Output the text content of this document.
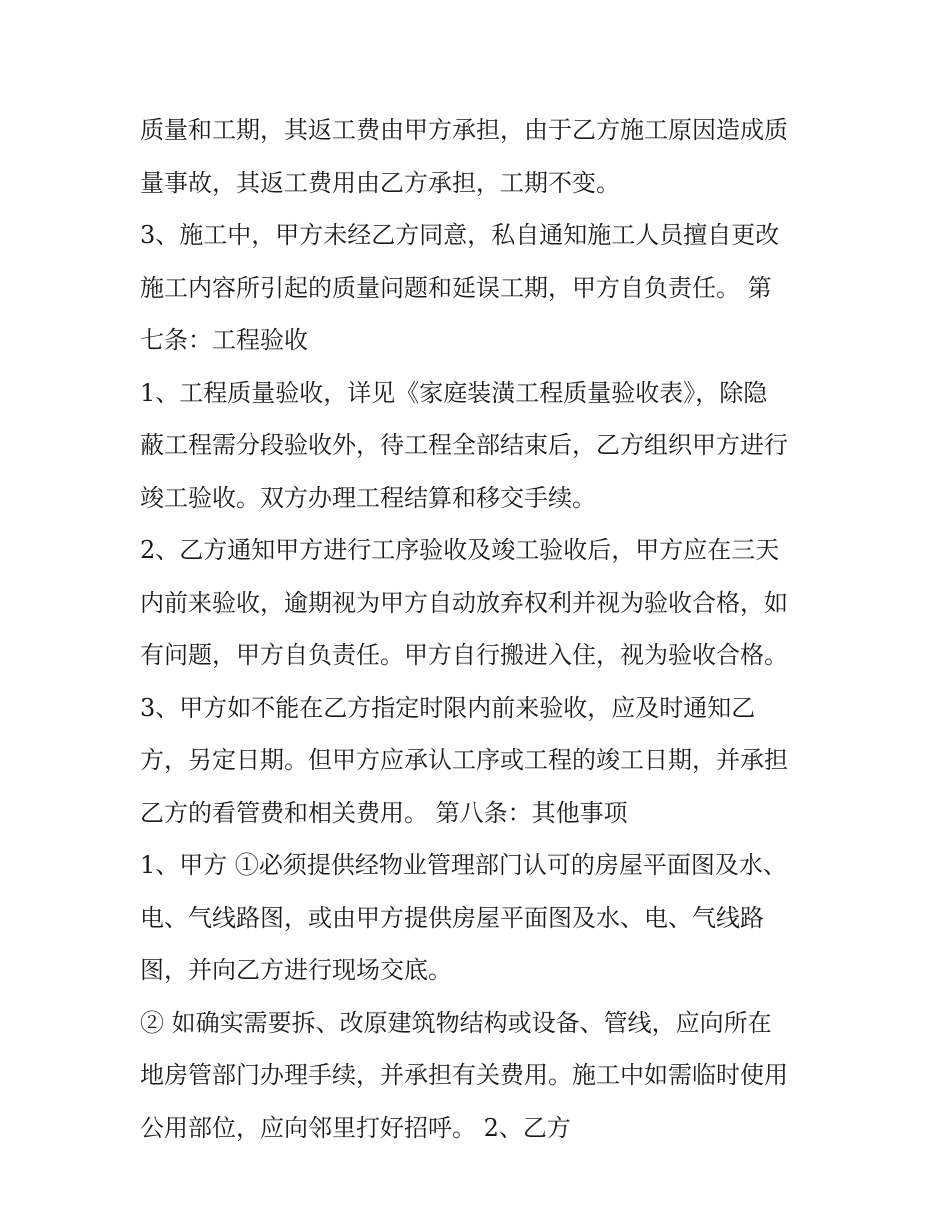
质量和工期，其返工费由甲方承担，由于乙方施工原因造成质
量事故，其返工费用由乙方承担，工期不变。
3、施工中，甲方未经乙方同意，私自通知施工人员擅自更改
施工内容所引起的质量问题和延误工期，甲方自负责任。 第
七条：工程验收
1、工程质量验收，详见《家庭装潢工程质量验收表》，除隐
蔽工程需分段验收外，待工程全部结束后，乙方组织甲方进行
竣工验收。双方办理工程结算和移交手续。
2、乙方通知甲方进行工序验收及竣工验收后，甲方应在三天
内前来验收，逾期视为甲方自动放弃权利并视为验收合格，如
有问题，甲方自负责任。甲方自行搬进入住，视为验收合格。
3、甲方如不能在乙方指定时限内前来验收，应及时通知乙
方，另定日期。但甲方应承认工序或工程的竣工日期，并承担
乙方的看管费和相关费用。 第八条：其他事项
1、甲方 ①必须提供经物业管理部门认可的房屋平面图及水、
电、气线路图，或由甲方提供房屋平面图及水、电、气线路
图，并向乙方进行现场交底。
② 如确实需要拆、改原建筑物结构或设备、管线，应向所在
地房管部门办理手续，并承担有关费用。施工中如需临时使用
公用部位，应向邻里打好招呼。 2、乙方
